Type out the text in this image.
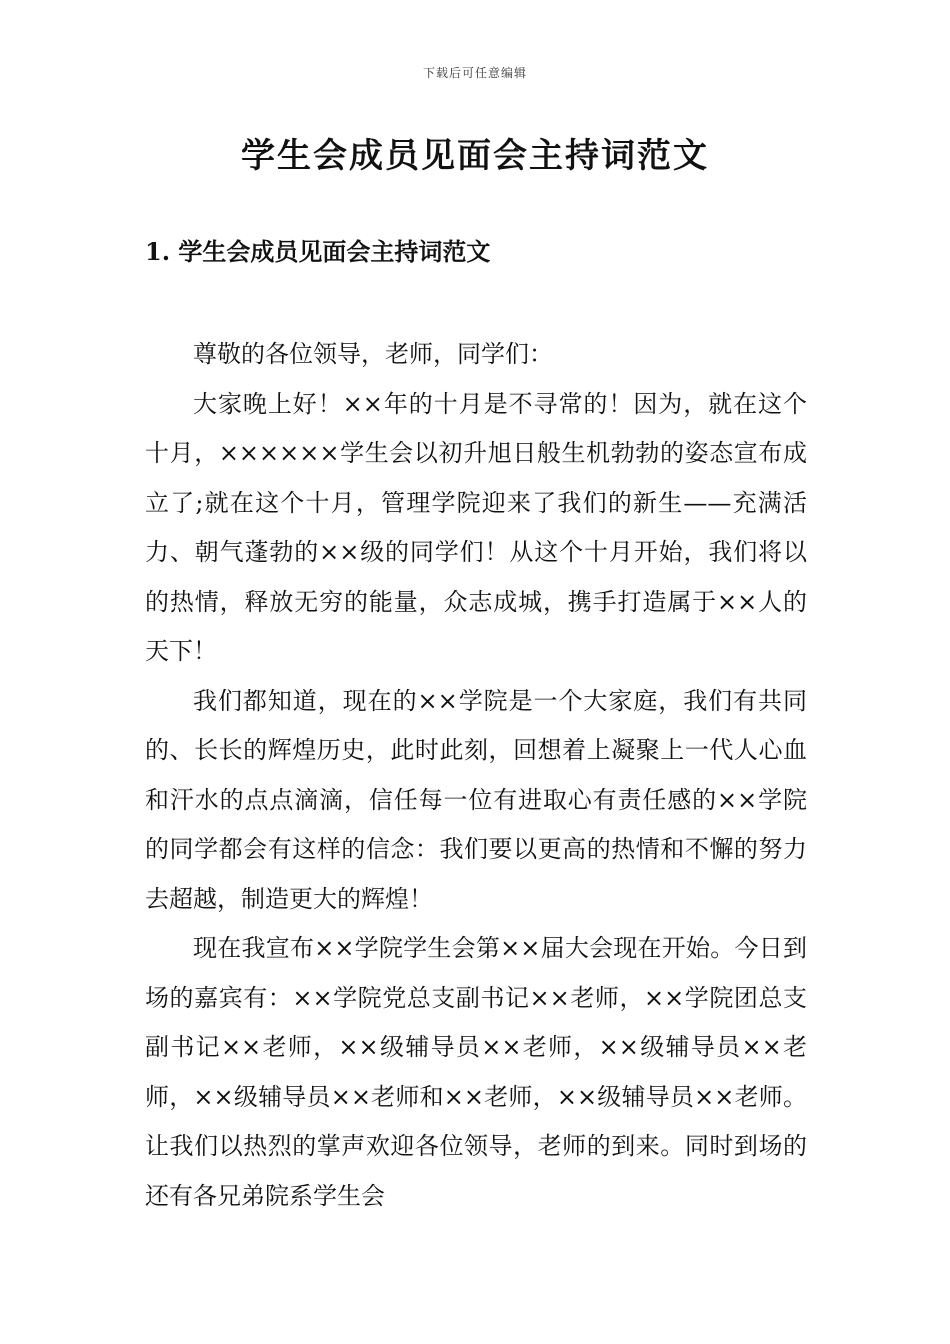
下载后可任意编辑
学生会成员见面会主持词范文
1. 学生会成员见面会主持词范文

尊敬的各位领导，老师，同学们：

大家晚上好！××年的十月是不寻常的！因为，就在这个十月，××××××学生会以初升旭日般生机勃勃的姿态宣布成立了;就在这个十月，管理学院迎来了我们的新生——充满活力、朝气蓬勃的××级的同学们！从这个十月开始，我们将以的热情，释放无穷的能量，众志成城，携手打造属于××人的天下！

我们都知道，现在的××学院是一个大家庭，我们有共同的、长长的辉煌历史，此时此刻，回想着上凝聚上一代人心血和汗水的点点滴滴，信任每一位有进取心有责任感的××学院的同学都会有这样的信念：我们要以更高的热情和不懈的努力去超越，制造更大的辉煌！

现在我宣布××学院学生会第××届大会现在开始。今日到场的嘉宾有：××学院党总支副书记××老师，××学院团总支副书记××老师，××级辅导员××老师，××级辅导员××老师，××级辅导员××老师和××老师，××级辅导员××老师。让我们以热烈的掌声欢迎各位领导，老师的到来。同时到场的还有各兄弟院系学生会
